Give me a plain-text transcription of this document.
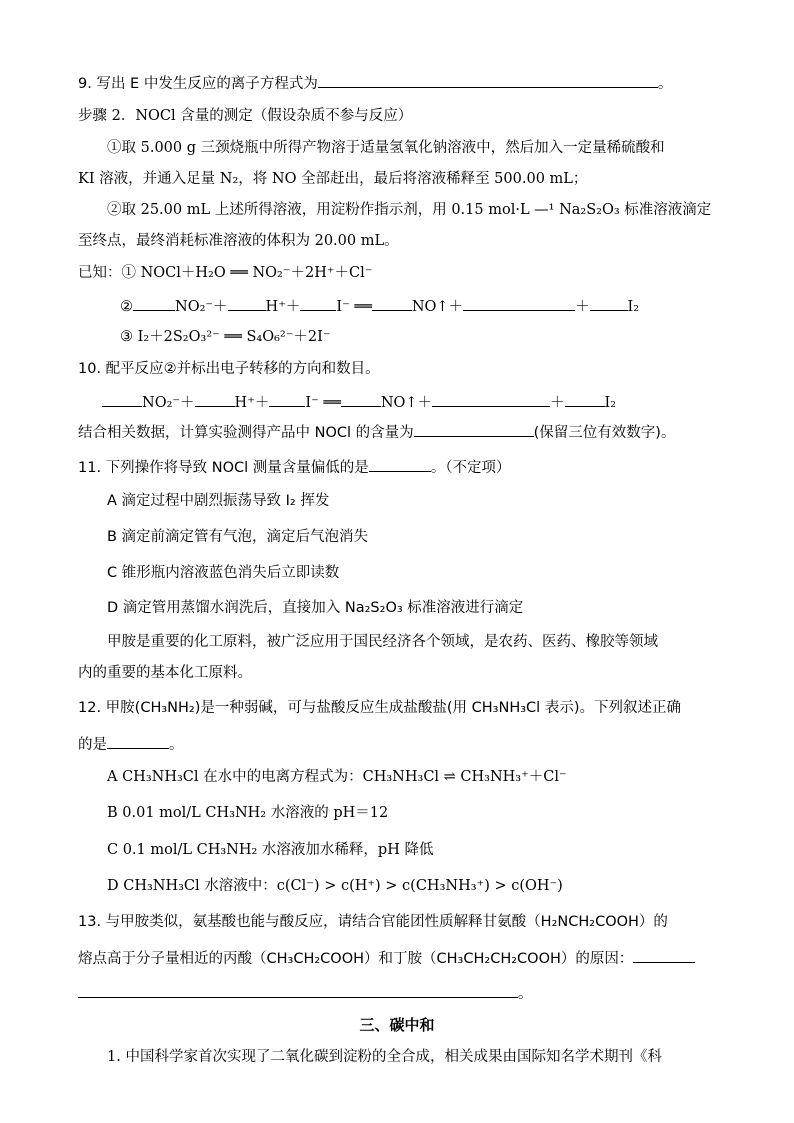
9. 写出 E 中发生反应的离子方程式为	。
步骤 2．NOCl 含量的测定（假设杂质不参与反应）
①取 5.000 g 三颈烧瓶中所得产物溶于适量氢氧化钠溶液中，然后加入一定量稀硫酸和
KI 溶液，并通入足量 N₂，将 NO 全部赶出，最后将溶液稀释至 500.00 mL；
②取 25.00 mL 上述所得溶液，用淀粉作指示剂，用 0.15 mol·L —¹ Na₂S₂O₃ 标准溶液滴定
至终点，最终消耗标准溶液的体积为 20.00 mL。
已知：① NOCl＋H₂O ══ NO₂⁻＋2H⁺＋Cl⁻
②	NO₂⁻＋	H⁺＋ I⁻ ══	NO↑＋	＋	I₂
③ I₂＋2S₂O₃²⁻ ══ S₄O₆²⁻＋2I⁻
10. 配平反应②并标出电子转移的方向和数目。
NO₂⁻＋	H⁺＋ I⁻ ══	NO↑＋	＋	I₂
结合相关数据，计算实验测得产品中 NOCl 的含量为	(保留三位有效数字)。
11. 下列操作将导致 NOCl 测量含量偏低的是	。（不定项）
A 滴定过程中剧烈振荡导致 I₂ 挥发
B 滴定前滴定管有气泡，滴定后气泡消失
C 锥形瓶内溶液蓝色消失后立即读数
D 滴定管用蒸馏水润洗后，直接加入 Na₂S₂O₃ 标准溶液进行滴定
甲胺是重要的化工原料，被广泛应用于国民经济各个领域，是农药、医药、橡胶等领域
内的重要的基本化工原料。
12. 甲胺(CH₃NH₂)是一种弱碱，可与盐酸反应生成盐酸盐(用 CH₃NH₃Cl 表示)。下列叙述正确
的是	。
A CH₃NH₃Cl 在水中的电离方程式为：CH₃NH₃Cl ⇌ CH₃NH₃⁺＋Cl⁻
B 0.01 mol/L CH₃NH₂ 水溶液的 pH＝12
C 0.1 mol/L CH₃NH₂ 水溶液加水稀释，pH 降低
D CH₃NH₃Cl 水溶液中：c(Cl⁻) > c(H⁺) > c(CH₃NH₃⁺) > c(OH⁻)
13. 与甲胺类似，氨基酸也能与酸反应，请结合官能团性质解释甘氨酸（H₂NCH₂COOH）的
熔点高于分子量相近的丙酸（CH₃CH₂COOH）和丁胺（CH₃CH₂CH₂COOH）的原因：
。
三、碳中和
1. 中国科学家首次实现了二氧化碳到淀粉的全合成，相关成果由国际知名学术期刊《科
